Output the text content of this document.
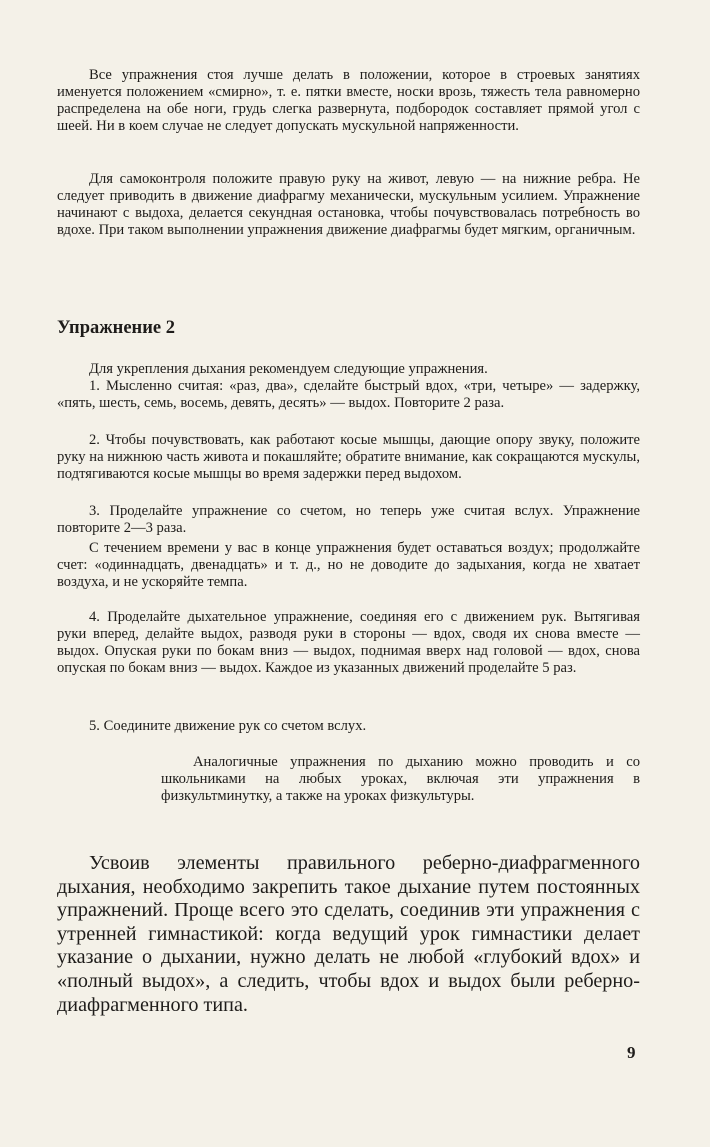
Все упражнения стоя лучше делать в положении, которое в строевых занятиях именуется положением «смирно», т. е. пятки вместе, носки врозь, тяжесть тела равномерно распределена на обе ноги, грудь слегка развернута, подбородок составляет прямой угол с шеей. Ни в коем случае не следует допускать мускульной напряженности.

Для самоконтроля положите правую руку на живот, левую — на нижние ребра. Не следует приводить в движение диафрагму механически, мускульным усилием. Упражнение начинают с выдоха, делается секундная остановка, чтобы почувствовалась потребность во вдохе. При таком выполнении упражнения движение диафрагмы будет мягким, органичным.

Упражнение 2

Для укрепления дыхания рекомендуем следующие упражнения.

1. Мысленно считая: «раз, два», сделайте быстрый вдох, «три, четыре» — задержку, «пять, шесть, семь, восемь, девять, десять» — выдох. Повторите 2 раза.

2. Чтобы почувствовать, как работают косые мышцы, дающие опору звуку, положите руку на нижнюю часть живота и покашляйте; обратите внимание, как сокращаются мускулы, подтягиваются косые мышцы во время задержки перед выдохом.

3. Проделайте упражнение со счетом, но теперь уже считая вслух. Упражнение повторите 2—3 раза.

С течением времени у вас в конце упражнения будет оставаться воздух; продолжайте счет: «одиннадцать, двенадцать» и т. д., но не доводите до задыхания, когда не хватает воздуха, и не ускоряйте темпа.

4. Проделайте дыхательное упражнение, соединяя его с движением рук. Вытягивая руки вперед, делайте выдох, разводя руки в стороны — вдох, сводя их снова вместе — выдох. Опуская руки по бокам вниз — выдох, поднимая вверх над головой — вдох, снова опуская по бокам вниз — выдох. Каждое из указанных движений проделайте 5 раз.

5. Соедините движение рук со счетом вслух.

Аналогичные упражнения по дыханию можно проводить и со школьниками на любых уроках, включая эти упражнения в физкультминутку, а также на уроках физкультуры.

Усвоив элементы правильного реберно-диафрагменного дыхания, необходимо закрепить такое дыхание путем постоянных упражнений. Проще всего это сделать, соединив эти упражнения с утренней гимнастикой: когда ведущий урок гимнастики делает указание о дыхании, нужно делать не любой «глубокий вдох» и «полный выдох», а следить, чтобы вдох и выдох были реберно-диафрагменного типа.

9
